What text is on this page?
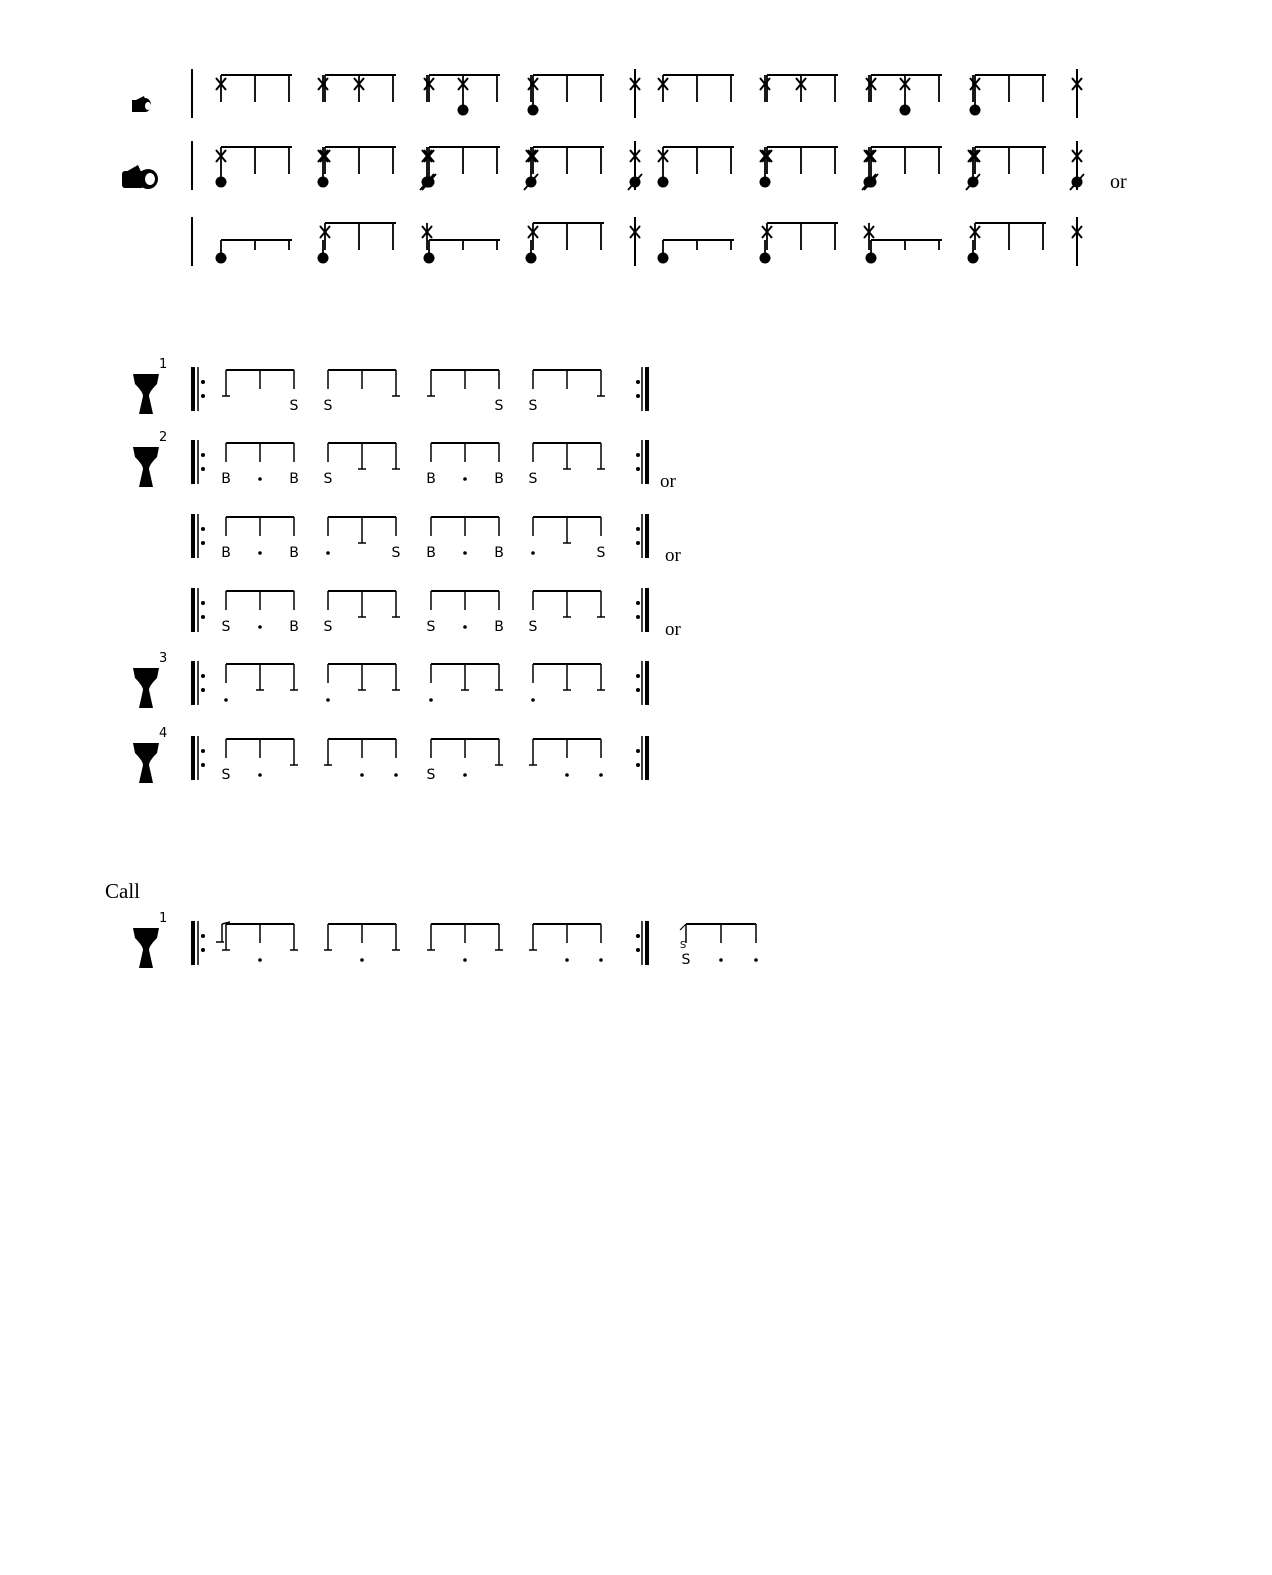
or
S S	S S
1
B	B S	B	B S	or
2
B	B	S B	B	S	or
S	B S	S	B S	or
3
S	S
4
Call
1
S
S
